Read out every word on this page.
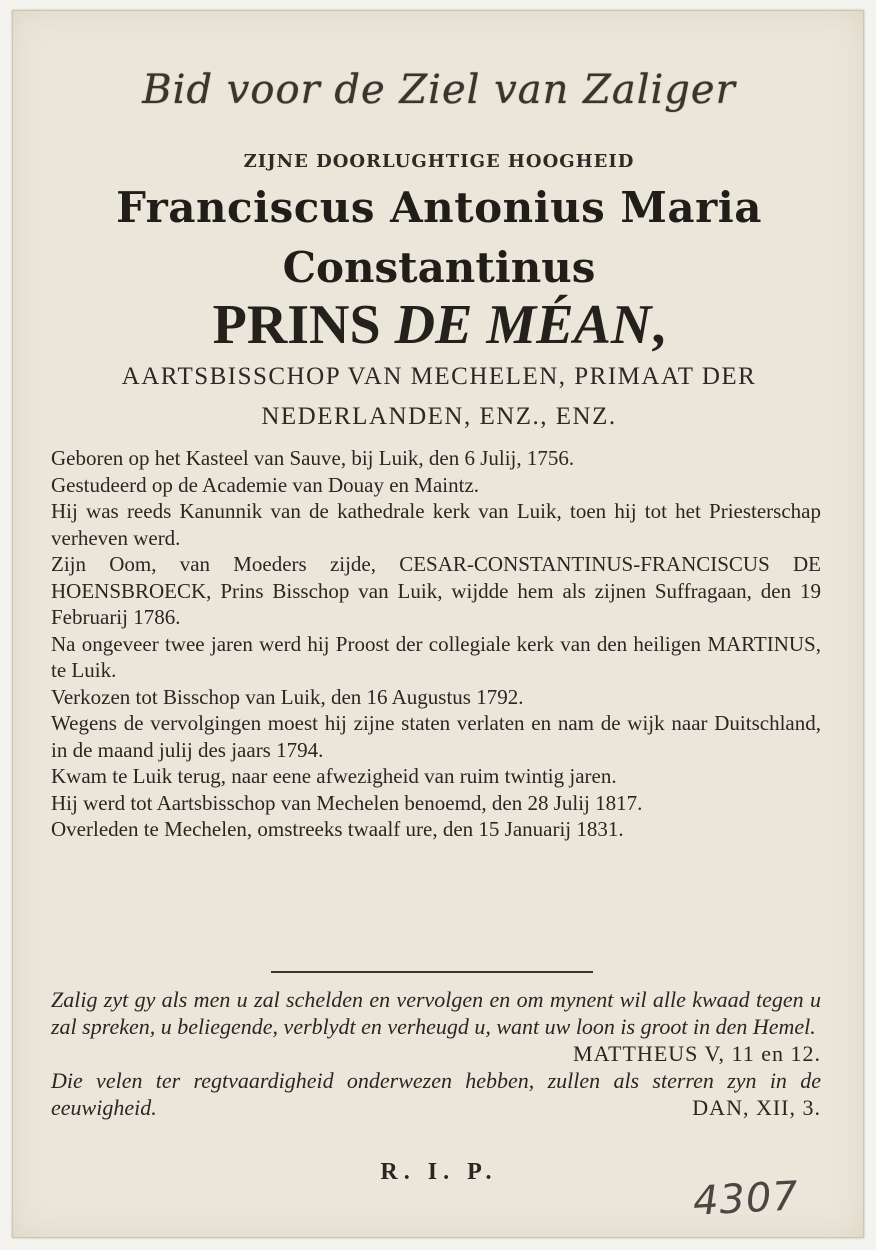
Bid voor de Ziel van Zaliger
ZIJNE DOORLUGHTIGE HOOGHEID
Franciscus Antonius Maria
Constantinus
PRINS DE MÉAN,
AARTSBISSCHOP VAN MECHELEN, PRIMAAT DER
NEDERLANDEN, ENZ., ENZ.

Geboren op het Kasteel van Sauve, bij Luik, den 6 Julij, 1756.

Gestudeerd op de Academie van Douay en Maintz.

Hij was reeds Kanunnik van de kathedrale kerk van Luik, toen hij tot het Priesterschap verheven werd.

Zijn Oom, van Moeders zijde, CESAR-CONSTANTINUS-FRANCISCUS DE HOENSBROECK, Prins Bisschop van Luik, wijdde hem als zijnen Suffragaan, den 19 Februarij 1786.

Na ongeveer twee jaren werd hij Proost der collegiale kerk van den heiligen MARTINUS, te Luik.

Verkozen tot Bisschop van Luik, den 16 Augustus 1792.

Wegens de vervolgingen moest hij zijne staten verlaten en nam de wijk naar Duitschland, in de maand julij des jaars 1794.

Kwam te Luik terug, naar eene afwezigheid van ruim twintig jaren.

Hij werd tot Aartsbisschop van Mechelen benoemd, den 28 Julij 1817.

Overleden te Mechelen, omstreeks twaalf ure, den 15 Januarij 1831.

Zalig zyt gy als men u zal schelden en vervolgen en om mynent wil alle kwaad tegen u zal spreken, u beliegende, verblydt en verheugd u, want uw loon is groot in den Hemel.
MATTHEUS V, 11 en 12.

Die velen ter regtvaardigheid onderwezen hebben, zullen als sterren zyn in de eeuwigheid.	DAN, XII, 3.

R. I. P.
4307
